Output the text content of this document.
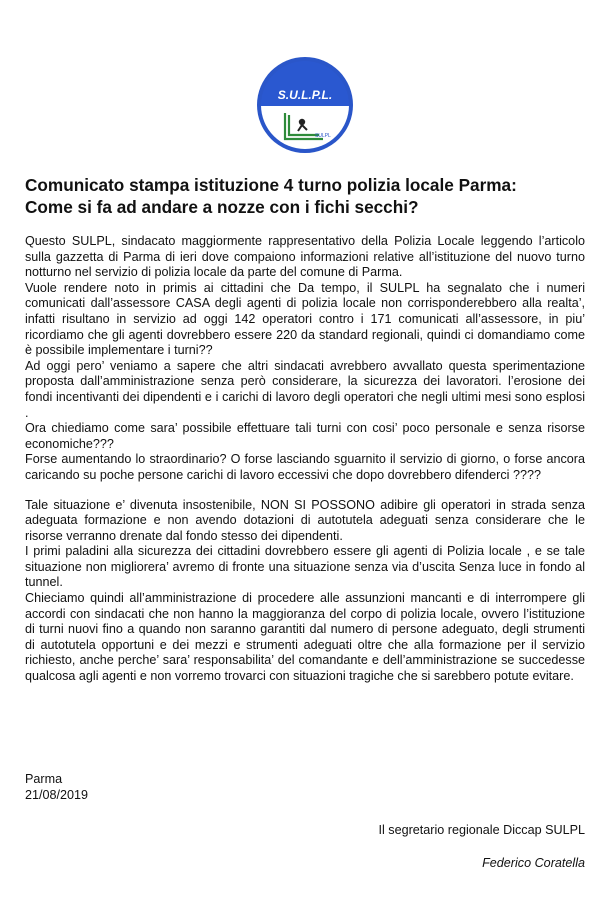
S.U.L.P.L.
SULPL
Comunicato stampa istituzione 4 turno polizia locale Parma:
Come si fa ad andare a nozze con i fichi secchi?

Questo SULPL, sindacato maggiormente rappresentativo della Polizia Locale leggendo l’articolo sulla gazzetta di Parma di ieri dove compaiono informazioni relative all’istituzione del nuovo turno notturno nel servizio di polizia locale da parte del comune di Parma.

Vuole rendere noto in primis ai cittadini che Da tempo, il SULPL ha segnalato che i numeri comunicati dall’assessore CASA degli agenti di polizia locale non corrisponderebbero alla realta’, infatti risultano in servizio ad oggi 142 operatori contro i 171 comunicati all’assessore, in piu’ ricordiamo che gli agenti dovrebbero essere 220 da standard regionali, quindi ci domandiamo come è possibile implementare i turni??

Ad oggi pero’ veniamo a sapere che altri sindacati avrebbero avvallato questa sperimentazione proposta dall’amministrazione senza però considerare, la sicurezza dei lavoratori. l’erosione dei fondi incentivanti dei dipendenti e i carichi di lavoro degli operatori che negli ultimi mesi sono esplosi .

Ora chiediamo come sara’ possibile effettuare tali turni con cosi’ poco personale e senza risorse economiche???

Forse aumentando lo straordinario? O forse lasciando sguarnito il servizio di giorno, o forse ancora caricando su poche persone carichi di lavoro eccessivi che dopo dovrebbero difenderci ????

Tale situazione e’ divenuta insostenibile, NON SI POSSONO adibire gli operatori in strada senza adeguata formazione e non avendo dotazioni di autotutela adeguati senza considerare che le risorse verranno drenate dal fondo stesso dei dipendenti.

I primi paladini alla sicurezza dei cittadini dovrebbero essere gli agenti di Polizia locale , e se tale situazione non migliorera’ avremo di fronte una situazione senza via d’uscita Senza luce in fondo al tunnel.

Chieciamo quindi all’amministrazione di procedere alle assunzioni mancanti e di interrompere gli accordi con sindacati che non hanno la maggioranza del corpo di polizia locale, ovvero l’istituzione di turni nuovi fino a quando non saranno garantiti dal numero di persone adeguato, degli strumenti di autotutela opportuni e dei mezzi e strumenti adeguati oltre che alla formazione per il servizio richiesto, anche perche’ sara’ responsabilita’ del comandante e dell’amministrazione se succedesse qualcosa agli agenti e non vorremo trovarci con situazioni tragiche che si sarebbero potute evitare.

Parma
21/08/2019
Il segretario regionale Diccap SULPL
Federico Coratella
